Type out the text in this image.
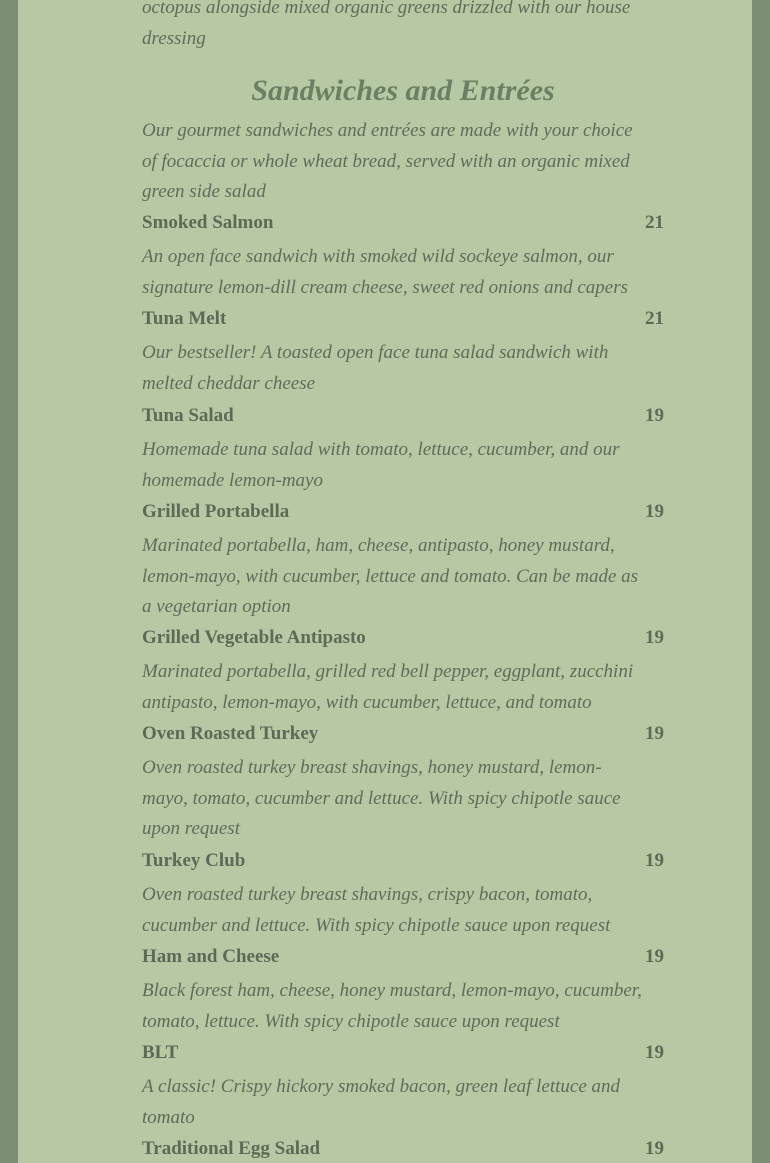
octopus alongside mixed organic greens drizzled with our house dressing

Sandwiches and Entrées

Our gourmet sandwiches and entrées are made with your choice of focaccia or whole wheat bread, served with an organic mixed green side salad

Smoked Salmon	21

An open face sandwich with smoked wild sockeye salmon, our signature lemon-dill cream cheese, sweet red onions and capers

Tuna Melt	21

Our bestseller! A toasted open face tuna salad sandwich with melted cheddar cheese

Tuna Salad	19

Homemade tuna salad with tomato, lettuce, cucumber, and our homemade lemon-mayo

Grilled Portabella	19

Marinated portabella, ham, cheese, antipasto, honey mustard, lemon-mayo, with cucumber, lettuce and tomato. Can be made as a vegetarian option

Grilled Vegetable Antipasto	19

Marinated portabella, grilled red bell pepper, eggplant, zucchini antipasto, lemon-mayo, with cucumber, lettuce, and tomato

Oven Roasted Turkey	19

Oven roasted turkey breast shavings, honey mustard, lemon-mayo, tomato, cucumber and lettuce. With spicy chipotle sauce upon request

Turkey Club	19

Oven roasted turkey breast shavings, crispy bacon, tomato, cucumber and lettuce. With spicy chipotle sauce upon request

Ham and Cheese	19

Black forest ham, cheese, honey mustard, lemon-mayo, cucumber, tomato, lettuce. With spicy chipotle sauce upon request

BLT	19

A classic! Crispy hickory smoked bacon, green leaf lettuce and tomato

Traditional Egg Salad	19
